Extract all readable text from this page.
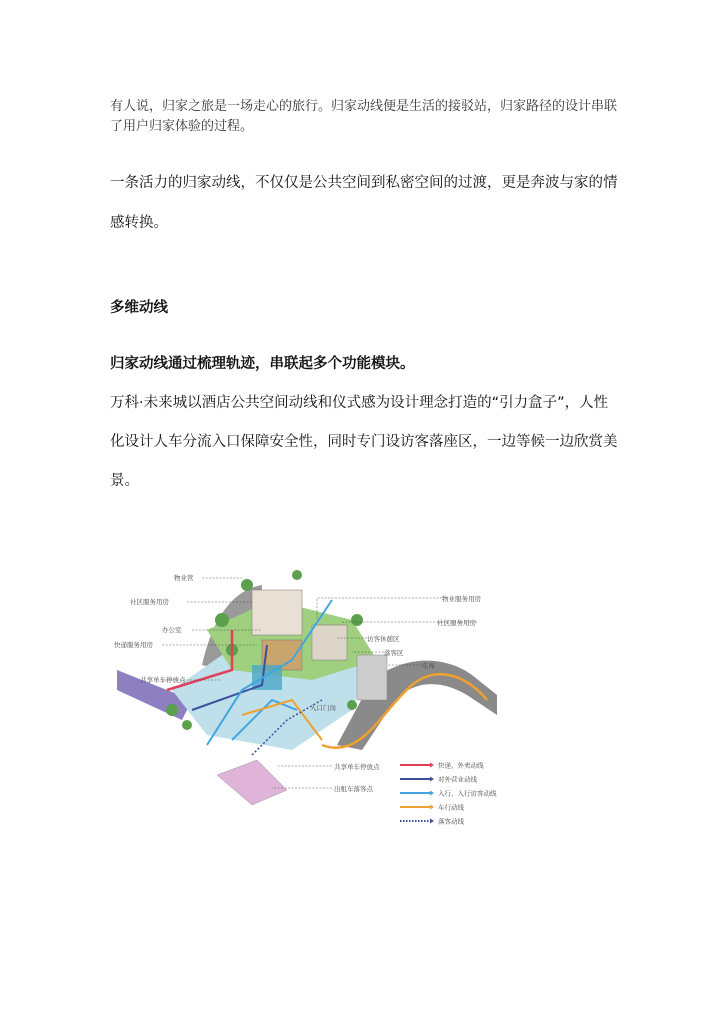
有人说，归家之旅是一场走心的旅行。归家动线便是生活的接驳站，归家路径的设计串联了用户归家体验的过程。

一条活力的归家动线，不仅仅是公共空间到私密空间的过渡，更是奔波与家的情感转换。

多维动线

归家动线通过梳理轨迹，串联起多个功能模块。

万科·未来城以酒店公共空间动线和仪式感为设计理念打造的“引力盒子”，人性化设计人车分流入口保障安全性，同时专门设访客落座区，一边等候一边欣赏美景。

物业管
社区服务用房
办公室
快递服务用房
共享单车停放点
物业服务用房
社区服务用房
访客休憩区
落客区
车库
入口门岗
共享单车停放点
出租车落客点
快递、外卖动线
对外营业动线
入行、入行访客动线
车行动线
落客动线
